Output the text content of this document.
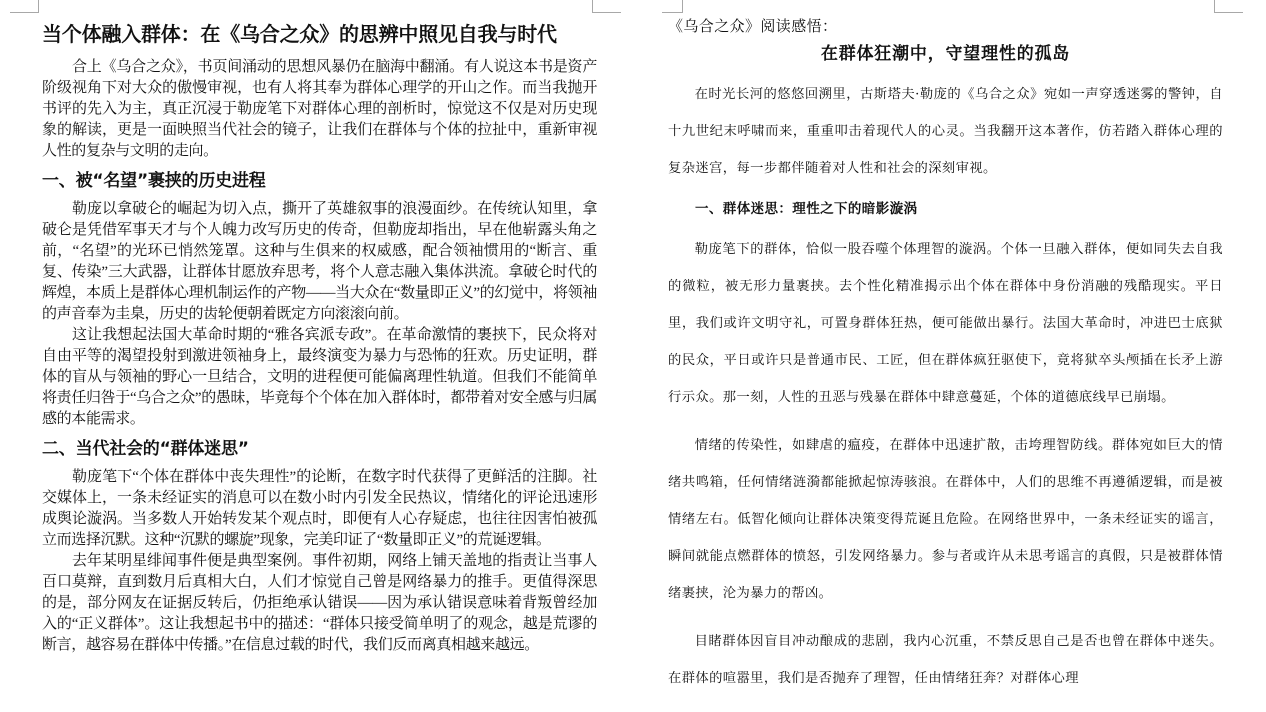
当个体融入群体：在《乌合之众》的思辨中照见自我与时代

合上《乌合之众》，书页间涌动的思想风暴仍在脑海中翻涌。有人说这本书是资产阶级视角下对大众的傲慢审视，也有人将其奉为群体心理学的开山之作。而当我抛开书评的先入为主，真正沉浸于勒庞笔下对群体心理的剖析时，惊觉这不仅是对历史现象的解读，更是一面映照当代社会的镜子，让我们在群体与个体的拉扯中，重新审视人性的复杂与文明的走向。

一、被“名望”裹挟的历史进程

勒庞以拿破仑的崛起为切入点，撕开了英雄叙事的浪漫面纱。在传统认知里，拿破仑是凭借军事天才与个人魄力改写历史的传奇，但勒庞却指出，早在他崭露头角之前，“名望”的光环已悄然笼罩。这种与生俱来的权威感，配合领袖惯用的“断言、重复、传染”三大武器，让群体甘愿放弃思考，将个人意志融入集体洪流。拿破仑时代的辉煌，本质上是群体心理机制运作的产物——当大众在“数量即正义”的幻觉中，将领袖的声音奉为圭臬，历史的齿轮便朝着既定方向滚滚向前。

这让我想起法国大革命时期的“雅各宾派专政”。在革命激情的裹挟下，民众将对自由平等的渴望投射到激进领袖身上，最终演变为暴力与恐怖的狂欢。历史证明，群体的盲从与领袖的野心一旦结合，文明的进程便可能偏离理性轨道。但我们不能简单将责任归咎于“乌合之众”的愚昧，毕竟每个个体在加入群体时，都带着对安全感与归属感的本能需求。

二、当代社会的“群体迷思”

勒庞笔下“个体在群体中丧失理性”的论断，在数字时代获得了更鲜活的注脚。社交媒体上，一条未经证实的消息可以在数小时内引发全民热议，情绪化的评论迅速形成舆论漩涡。当多数人开始转发某个观点时，即便有人心存疑虑，也往往因害怕被孤立而选择沉默。这种“沉默的螺旋”现象，完美印证了“数量即正义”的荒诞逻辑。

去年某明星绯闻事件便是典型案例。事件初期，网络上铺天盖地的指责让当事人百口莫辩，直到数月后真相大白，人们才惊觉自己曾是网络暴力的推手。更值得深思的是，部分网友在证据反转后，仍拒绝承认错误——因为承认错误意味着背叛曾经加入的“正义群体”。这让我想起书中的描述：“群体只接受简单明了的观念，越是荒谬的断言，越容易在群体中传播。”在信息过载的时代，我们反而离真相越来越远。

《乌合之众》阅读感悟：
在群体狂潮中，守望理性的孤岛

在时光长河的悠悠回溯里，古斯塔夫·勒庞的《乌合之众》宛如一声穿透迷雾的警钟，自十九世纪末呼啸而来，重重叩击着现代人的心灵。当我翻开这本著作，仿若踏入群体心理的复杂迷宫，每一步都伴随着对人性和社会的深刻审视。

一、群体迷思：理性之下的暗影漩涡

勒庞笔下的群体，恰似一股吞噬个体理智的漩涡。个体一旦融入群体，便如同失去自我的微粒，被无形力量裹挟。去个性化精准揭示出个体在群体中身份消融的残酷现实。平日里，我们或许文明守礼，可置身群体狂热，便可能做出暴行。法国大革命时，冲进巴士底狱的民众，平日或许只是普通市民、工匠，但在群体疯狂驱使下，竟将狱卒头颅插在长矛上游行示众。那一刻，人性的丑恶与残暴在群体中肆意蔓延，个体的道德底线早已崩塌。

情绪的传染性，如肆虐的瘟疫，在群体中迅速扩散，击垮理智防线。群体宛如巨大的情绪共鸣箱，任何情绪涟漪都能掀起惊涛骇浪。在群体中，人们的思维不再遵循逻辑，而是被情绪左右。低智化倾向让群体决策变得荒诞且危险。在网络世界中，一条未经证实的谣言，瞬间就能点燃群体的愤怒，引发网络暴力。参与者或许从未思考谣言的真假，只是被群体情绪裹挟，沦为暴力的帮凶。

目睹群体因盲目冲动酿成的悲剧，我内心沉重，不禁反思自己是否也曾在群体中迷失。在群体的喧嚣里，我们是否抛弃了理智，任由情绪狂奔？对群体心理
